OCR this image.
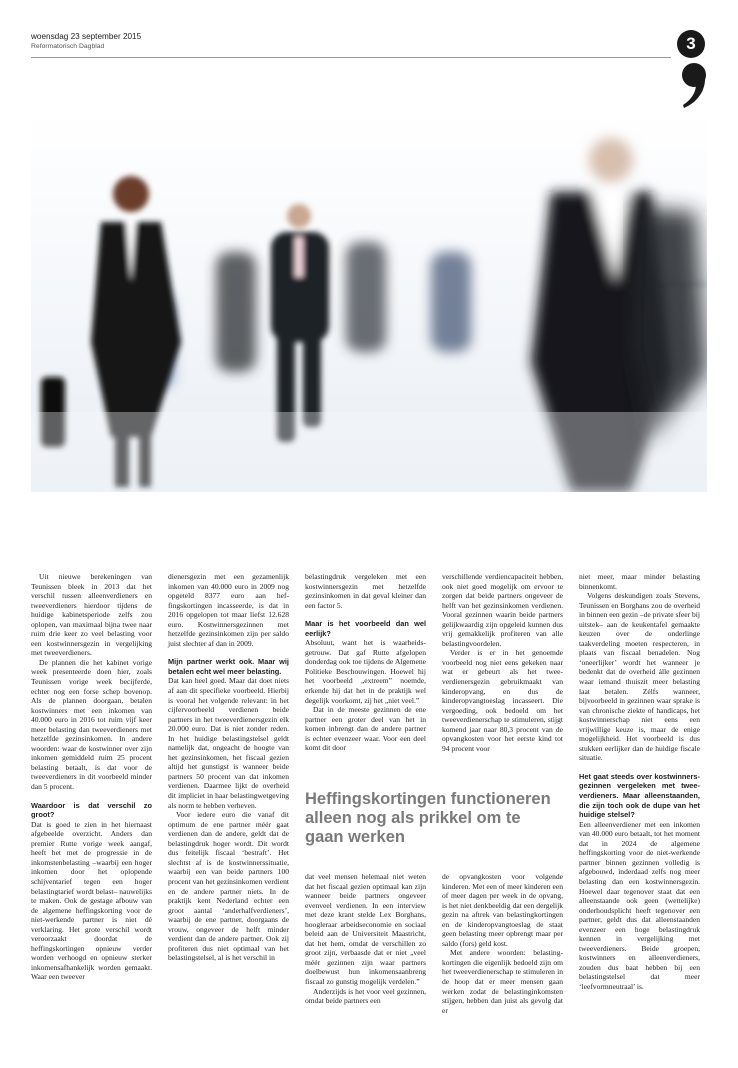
woensdag 23 september 2015
Reformatorisch Dagblad	3

Uit nieuwe berekeningen van Teunissen bleek in 2013 dat het verschil tussen alleenverdieners en tweeverdieners hierdoor tijdens de huidige kabinetsperiode zelfs zou oplopen, van maximaal bijna twee naar ruim drie keer zo veel belasting voor een kostwinnersgezin in vergelijking met tweeverdieners.

De plannen die het kabinet vorige week presenteerde doen hier, zoals Teunissen vorige week becijferde, echter nog een forse schep bovenop. Als de plannen doorgaan, betalen kostwinners met een inkomen van 40.000 euro in 2016 tot ruim vijf keer meer belasting dan tweeverdieners met hetzelfde gezinsinkomen. In andere woorden: waar de kostwinner over zijn inkomen gemiddeld ruim 25 procent belasting betaalt, is dat voor de tweeverdieners in dit voorbeeld minder dan 5 procent.

Waardoor is dat verschil zo groot?

Dat is goed te zien in het hiernaast afgebeelde overzicht. Anders dan premier Rutte vorige week aangaf, heeft het met de progressie in de inkomstenbelasting –waarbij een hoger inkomen door het oplopende schijventarief tegen een hoger belastingtarief wordt belast– nauwelijks te maken. Ook de gestage afbouw van de algemene heffingskorting voor de niet-werkende partner is niet dé verklaring. Het grote verschil wordt veroorzaakt doordat de heffingskortingen opnieuw verder worden verhoogd en opnieuw sterker inkomensafhankelijk worden gemaakt. Waar een tweever

dienersgezin met een gezamenlijk inkomen van 40.000 euro in 2009 nog opgeteld 8377 euro aan heffingskortingen incasseerde, is dat in 2016 opgelopen tot maar liefst 12.628 euro. Kostwinnersgezinnen met hetzelfde gezinsinkomen zijn per saldo juist slechter af dan in 2009.

Mijn partner werkt ook. Maar wij betalen echt wel meer belasting.

Dat kan heel goed. Maar dat doet niets af aan dit specifieke voorbeeld. Hierbij is vooral het volgende relevant: in het cijfervoorbeeld verdienen beide partners in het tweeverdienersgezin elk 20.000 euro. Dat is niet zonder reden. In het huidige belastingstelsel geldt namelijk dat, ongeacht de hoogte van het gezinsinkomen, het fiscaal gezien altijd het gunstigst is wanneer beide partners 50 procent van dat inkomen verdienen. Daarmee lijkt de overheid dit impliciet in haar belastingwetgeving als norm te hebben verheven.

Voor iedere euro die vanaf dit optimum de ene partner méér gaat verdienen dan de andere, geldt dat de belastingdruk hoger wordt. Dit wordt dus feitelijk fiscaal ‘bestraft’. Het slechtst af is de kostwinnerssituatie, waarbij een van beide partners 100 procent van het gezinsinkomen verdient en de andere partner niets. In de praktijk kent Nederland echter een groot aantal ‘anderhalfverdieners’, waarbij de ene partner, doorgaans de vrouw, ongeveer de helft minder verdient dan de andere partner. Ook zij profiteren dus niet optimaal van het belastingstelsel, al is het verschil in

belastingdruk vergeleken met een kostwinnersgezin met hetzelfde gezinsinkomen in dat geval kleiner dan een factor 5.

Maar is het voorbeeld dan wel eerlijk?

Absoluut, want het is waarheidsgetrouw. Dat gaf Rutte afgelopen donderdag ook toe tijdens de Algemene Politieke Beschouwingen. Hoewel hij het voorbeeld „extreem” noemde, erkende hij dat het in de praktijk wel degelijk voorkomt, zij het „niet veel.”

Dat in de meeste gezinnen de ene partner een groter deel van het in komen inbrengt dan de andere partner is echter evenzeer waar. Voor een deel komt dit door

verschillende verdiencapaciteit hebben, ook niet goed mogelijk om ervoor te zorgen dat beide partners ongeveer de helft van het gezinsinkomen verdienen. Vooral gezinnen waarin beide partners gelijkwaardig zijn opgeleid kunnen dus vrij gemakkelijk profiteren van alle belastingvoordelen.

Verder is er in het genoemde voorbeeld nog niet eens gekeken naar wat er gebeurt als het tweeverdienersgezin gebruikmaakt van kinderopvang, en dus de kinderopvangtoeslag incasseert. Die vergoeding, ook bedoeld om het tweeverdienerschap te stimuleren, stijgt komend jaar naar 80,3 procent van de opvangkosten voor het eerste kind tot 94 procent voor

Heffingskortingen functioneren alleen nog als prikkel om te gaan werken

dat veel mensen helemaal niet weten dat het fiscaal gezien optimaal kan zijn wanneer beide partners ongeveer evenveel verdienen. In een interview met deze krant stelde Lex Borghans, hoogleraar arbeidseconomie en sociaal beleid aan de Universiteit Maastricht, dat het hem, omdat de verschillen zo groot zijn, verbaasde dat er niet „veel méér gezinnen zijn waar partners doelbewust hun inkomensaanbreng fiscaal zo gunstig mogelijk verdelen.”

Anderzijds is het voor veel gezinnen, omdat beide partners een

de opvangkosten voor volgende kinderen. Met een of meer kinderen een of meer dagen per week in de opvang, is het niet denkbeeldig dat een dergelijk gezin na aftrek van belastingkortingen en de kinderopvangtoeslag de staat geen belasting meer opbrengt maar per saldo (fors) geld kost.

Met andere woorden: belastingkortingen die eigenlijk bedoeld zijn om het tweeverdienerschap te stimuleren in de hoop dat er meer mensen gaan werken zodat de belastinginkomsten stijgen, hebben dan juist als gevolg dat er

niet meer, maar minder belasting binnenkomt.

Volgens deskundigen zoals Stevens, Teunissen en Borghans zou de overheid in binnen een gezin –de private sfeer bij uitstek– aan de keukentafel gemaakte keuzen over de onderlinge taakverdeling moeten respecteren, in plaats van fiscaal benadelen. Nog ‘oneerlijker’ wordt het wanneer je bedenkt dat de overheid álle gezinnen waar iemand thuiszit meer belasting laat betalen. Zélfs wanneer, bijvoorbeeld in gezinnen waar sprake is van chronische ziekte of handicaps, het kostwinnerschap niet eens een vrijwillige keuze is, maar de enige mogelijkheid. Het voorbeeld is dus stukken eerlijker dan de huidige fiscale situatie.

Het gaat steeds over kostwinnersgezinnen vergeleken met tweeverdieners. Maar alleenstaanden, die zijn toch ook de dupe van het huidige stelsel?

Een alleenverdiener met een inkomen van 40.000 euro betaalt, tot het moment dat in 2024 de algemene heffingskorting voor de niet-werkende partner binnen gezinnen volledig is afgebouwd, inderdaad zelfs nog meer belasting dan een kostwinnersgezin. Hoewel daar tegenover staat dat een alleenstaande ook geen (wettelijke) onderhoudsplicht heeft tegenover een partner, geldt dus dat alleenstaanden evenzeer een hoge belastingdruk kennen in vergelijking met tweeverdieners. Beide groepen, kostwinners en alleenverdieners, zouden dus baat hebben bij een belastingstelsel dat meer ‘leefvormneutraal’ is.
